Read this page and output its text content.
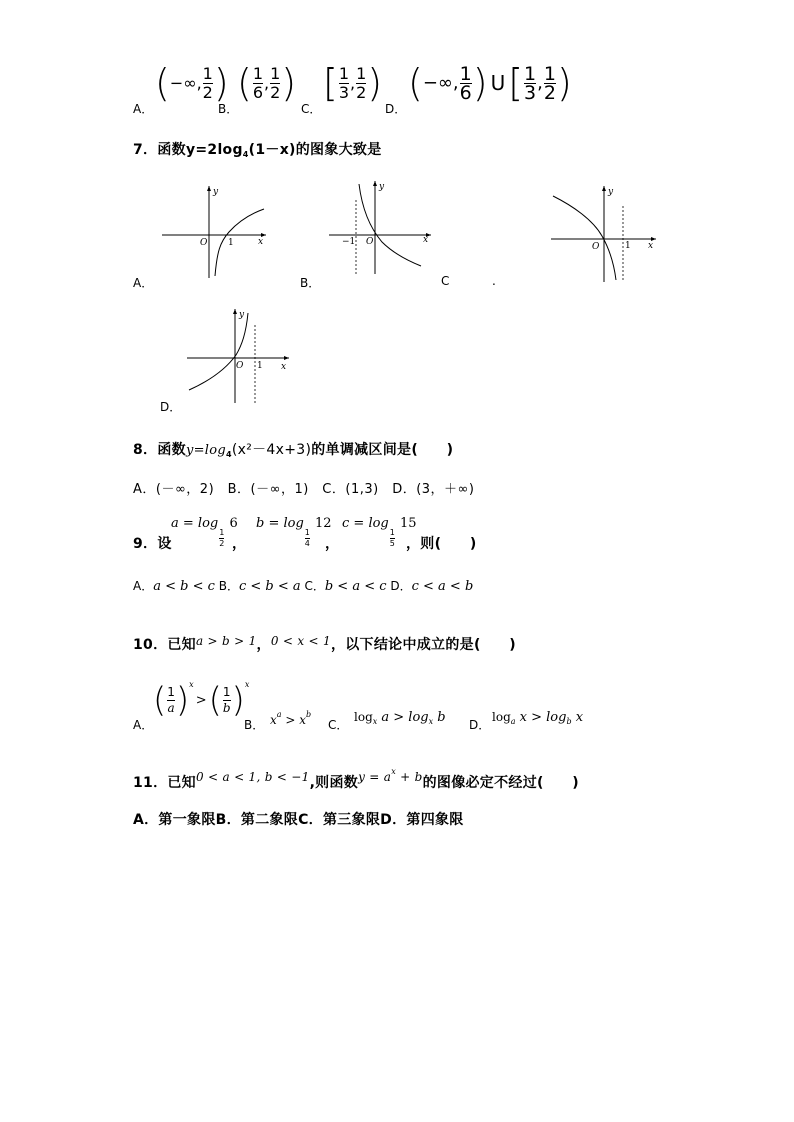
A．
(−∞, $\frac{1}{2}$ )
B．
( $\frac{1}{6}$ , $\frac{1}{2}$ )
C．
[ $\frac{1}{3}$ , $\frac{1}{2}$ )
D．
(−∞, $\frac{1}{6}$ ) $U[ \frac{1}{3}$ , $\frac{1}{2}$ )
7．函数$y=2\log_4(1-x)$的图象大致是
y
x
O 1
A．
y
x
O
−1
B．
y
x
O	1
C	.
y
x
O 1
D．
8．函数$y=\log_4(x^2-4x+3)$的单调减区间是(　　)
A．(－∞，2)　B．(－∞，1)　C．(1,3)　D．(3，＋∞)
9．设
a = log
$\frac{1}{2}$
6
，
b = log
$\frac{1}{4}$
12
，
c = log
$\frac{1}{5}$
15
，则(　　)
A．a < b < c B．c < b < a C．b < a < c D．c < a < b
10．已知a > b > 1，0 < x < 1，以下结论中成立的是(　　)
A．
( $\frac{1}{a} )^x>( \frac{1}{b} )^x$
B． $x^a > x^b$
C．
$\log_x a > \log_x b$ D．
$\log_a x > \log_b x$
11．已知0 < a < 1, b < −1,则函数$y = a^x + b$的图像必定不经过(　　)
A．第一象限B．第二象限C．第三象限D．第四象限
